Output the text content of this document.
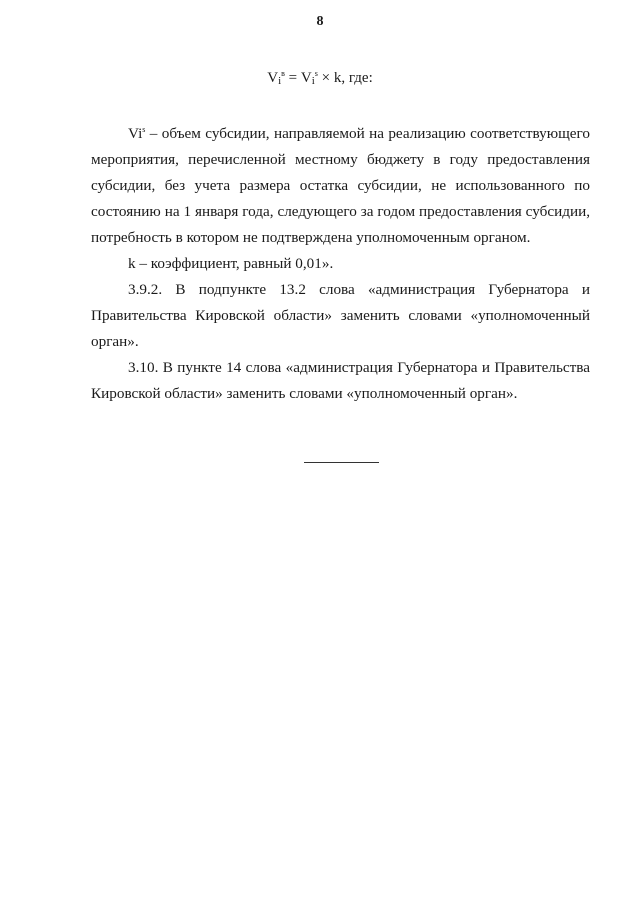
8
$Vi^в = Vi^s \times k$, где:

Vi$^s$ – объем субсидии, направляемой на реализацию соответствующего мероприятия, перечисленной местному бюджету в году предоставления субсидии, без учета размера остатка субсидии, не использованного по состоянию на 1 января года, следующего за годом предоставления субсидии, потребность в котором не подтверждена уполномоченным органом.

k – коэффициент, равный 0,01».

3.9.2. В подпункте 13.2 слова «администрация Губернатора и Правительства Кировской области» заменить словами «уполномоченный орган».

3.10. В пункте 14 слова «администрация Губернатора и Правительства Кировской области» заменить словами «уполномоченный орган».
